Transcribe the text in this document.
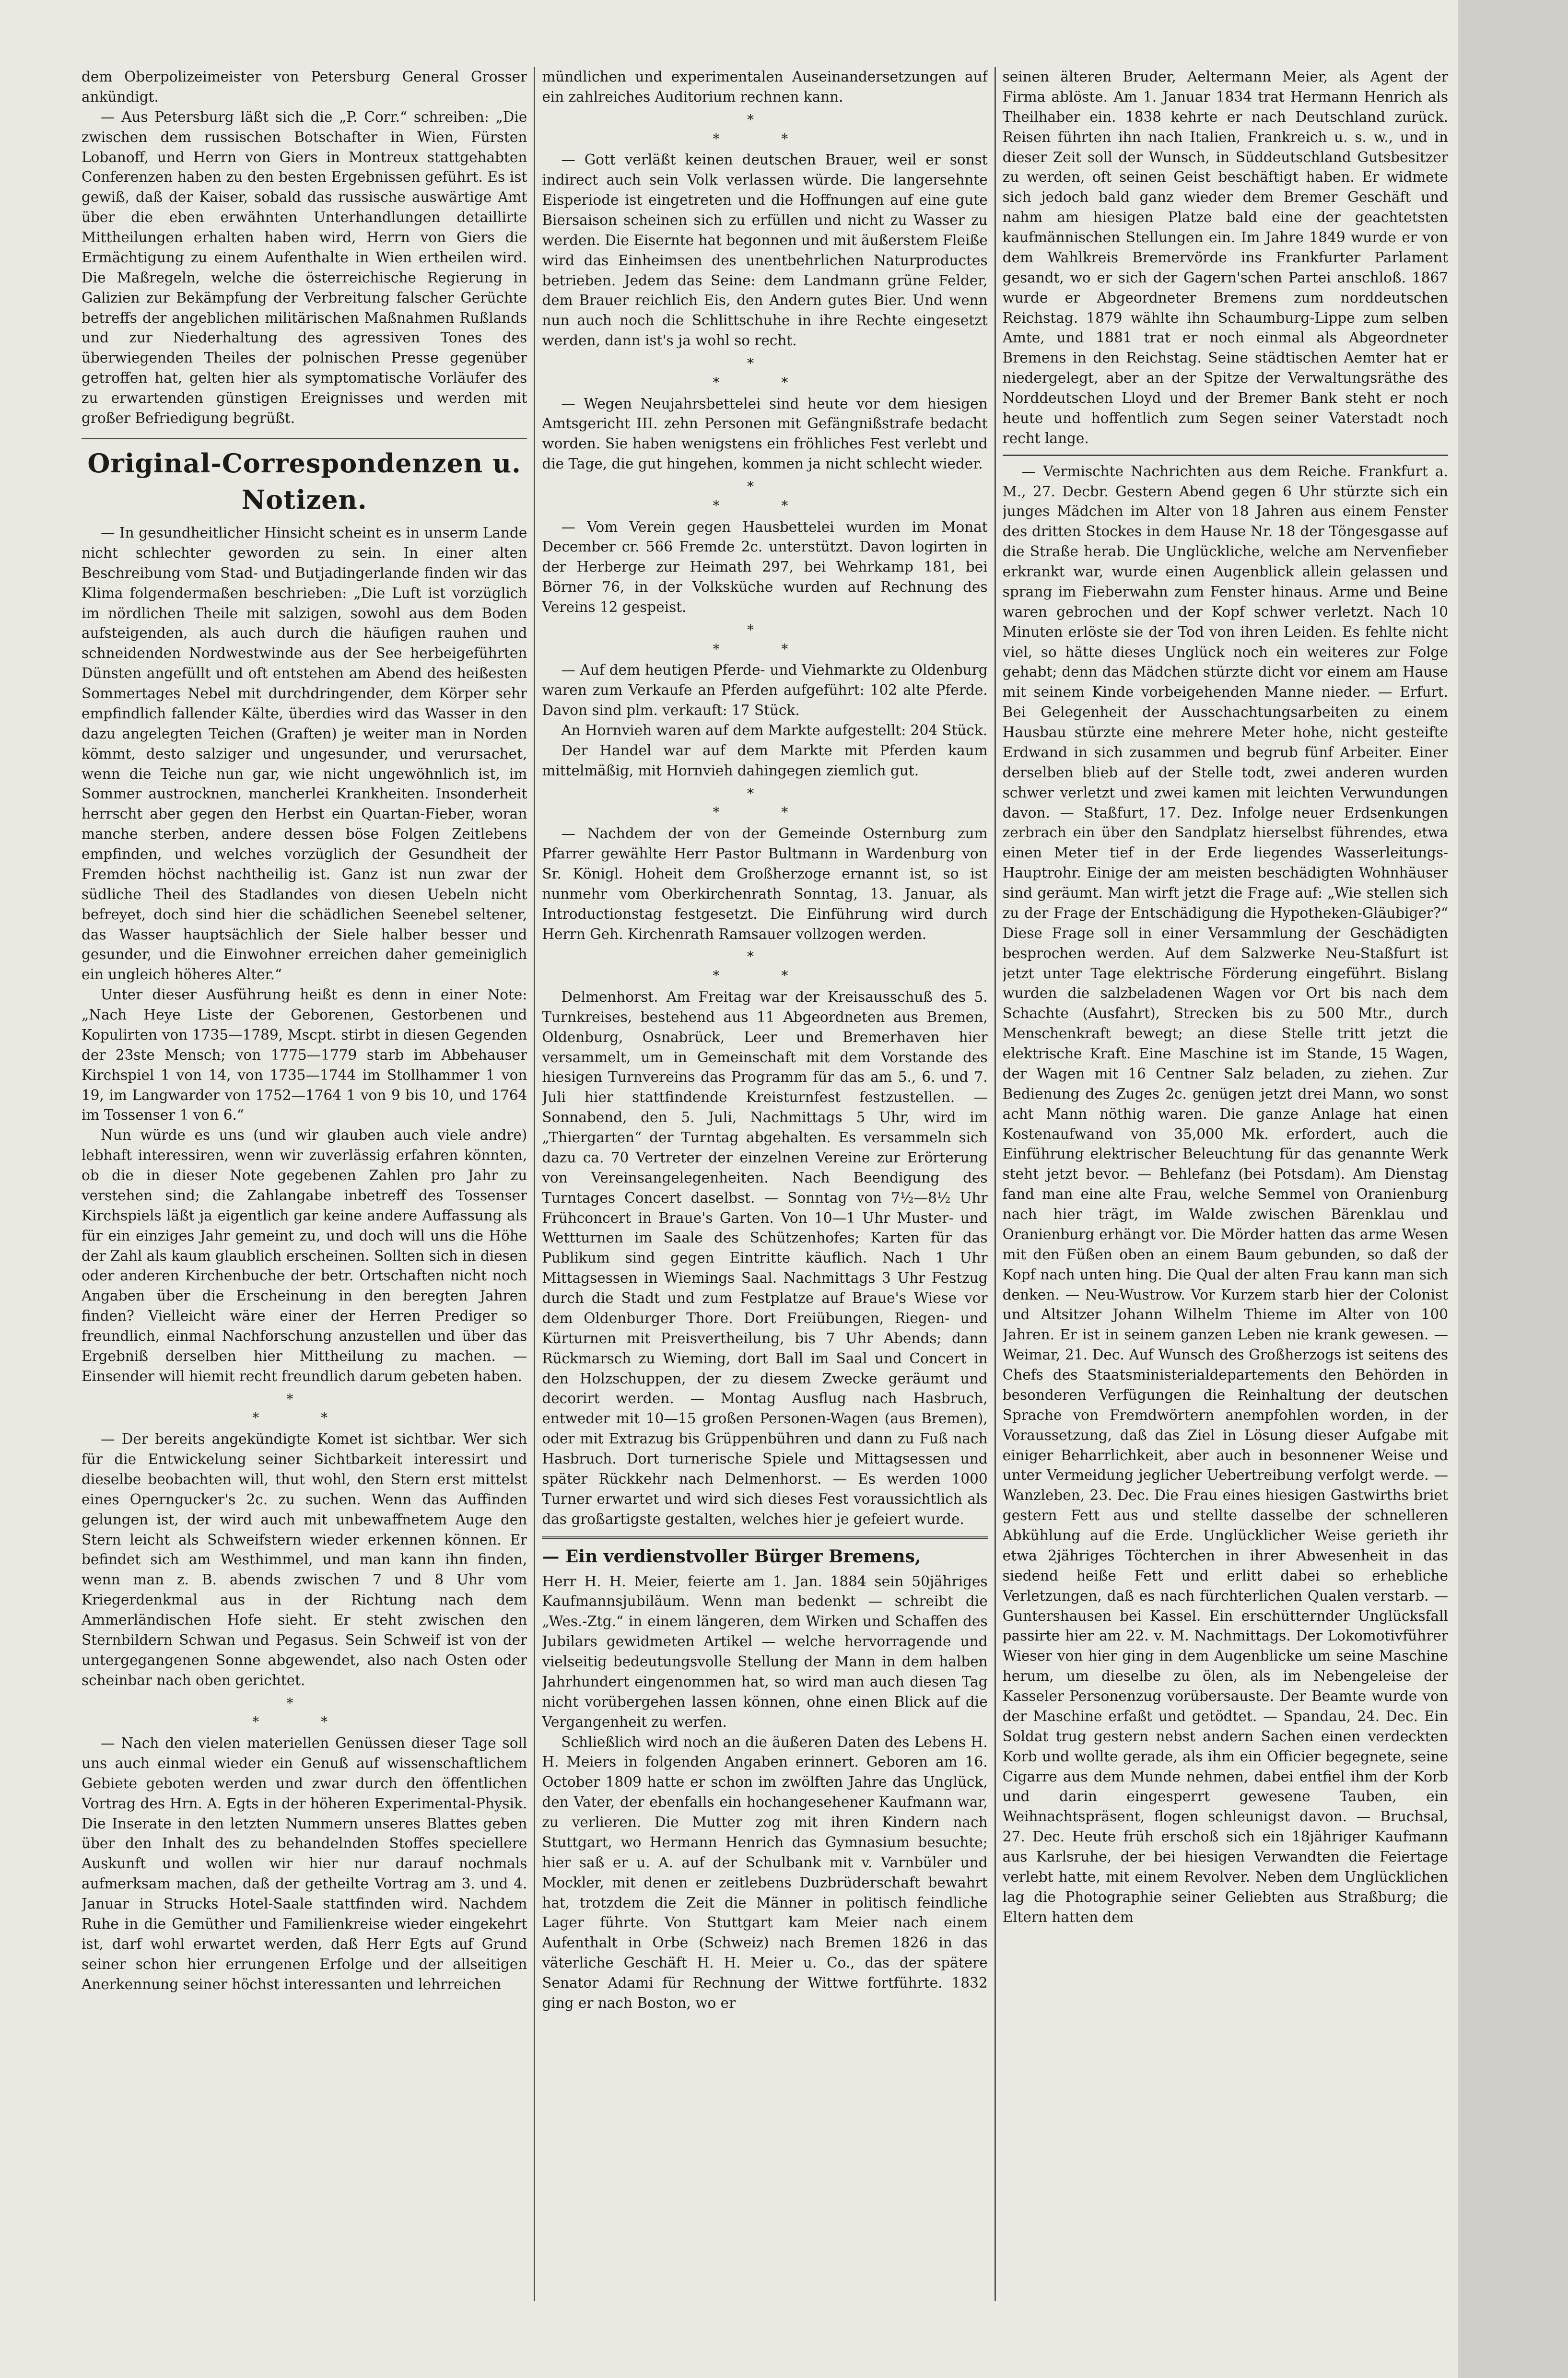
dem Oberpolizeimeister von Petersburg General Grosser ankündigt.

— Aus Petersburg läßt sich die „P. Corr.“ schreiben: „Die zwischen dem russischen Botschafter in Wien, Fürsten Lobanoff, und Herrn von Giers in Montreux stattgehabten Conferenzen haben zu den besten Ergebnissen geführt. Es ist gewiß, daß der Kaiser, sobald das russische auswärtige Amt über die eben erwähnten Unterhandlungen detaillirte Mittheilungen erhalten haben wird, Herrn von Giers die Ermächtigung zu einem Aufenthalte in Wien ertheilen wird. Die Maßregeln, welche die österreichische Regierung in Galizien zur Bekämpfung der Verbreitung falscher Gerüchte betreffs der angeblichen militärischen Maßnahmen Rußlands und zur Niederhaltung des agressiven Tones des überwiegenden Theiles der polnischen Presse gegenüber getroffen hat, gelten hier als symptomatische Vorläufer des zu erwartenden günstigen Ereignisses und werden mit großer Befriedigung begrüßt.

Original-Correspondenzen u. Notizen.

— In gesundheitlicher Hinsicht scheint es in unserm Lande nicht schlechter geworden zu sein. In einer alten Beschreibung vom Stad- und Butjadingerlande finden wir das Klima folgendermaßen beschrieben: „Die Luft ist vorzüglich im nördlichen Theile mit salzigen, sowohl aus dem Boden aufsteigenden, als auch durch die häufigen rauhen und schneidenden Nordwestwinde aus der See herbeigeführten Dünsten angefüllt und oft entstehen am Abend des heißesten Sommertages Nebel mit durchdringender, dem Körper sehr empfindlich fallender Kälte, überdies wird das Wasser in den dazu angelegten Teichen (Graften) je weiter man in Norden kömmt, desto salziger und ungesunder, und verursachet, wenn die Teiche nun gar, wie nicht ungewöhnlich ist, im Sommer austrocknen, mancherlei Krankheiten. Insonderheit herrscht aber gegen den Herbst ein Quartan-Fieber, woran manche sterben, andere dessen böse Folgen Zeitlebens empfinden, und welches vorzüglich der Gesundheit der Fremden höchst nachtheilig ist. Ganz ist nun zwar der südliche Theil des Stadlandes von diesen Uebeln nicht befreyet, doch sind hier die schädlichen Seenebel seltener, das Wasser hauptsächlich der Siele halber besser und gesunder, und die Einwohner erreichen daher gemeiniglich ein ungleich höheres Alter.“

Unter dieser Ausführung heißt es denn in einer Note: „Nach Heye Liste der Geborenen, Gestorbenen und Kopulirten von 1735—1789, Mscpt. stirbt in diesen Gegenden der 23ste Mensch; von 1775—1779 starb im Abbehauser Kirchspiel 1 von 14, von 1735—1744 im Stollhammer 1 von 19, im Langwarder von 1752—1764 1 von 9 bis 10, und 1764 im Tossenser 1 von 6.“

Nun würde es uns (und wir glauben auch viele andre) lebhaft interessiren, wenn wir zuverlässig erfahren könnten, ob die in dieser Note gegebenen Zahlen pro Jahr zu verstehen sind; die Zahlangabe inbetreff des Tossenser Kirchspiels läßt ja eigentlich gar keine andere Auffassung als für ein einziges Jahr gemeint zu, und doch will uns die Höhe der Zahl als kaum glaublich erscheinen. Sollten sich in diesen oder anderen Kirchenbuche der betr. Ortschaften nicht noch Angaben über die Erscheinung in den beregten Jahren finden? Vielleicht wäre einer der Herren Prediger so freundlich, einmal Nachforschung anzustellen und über das Ergebniß derselben hier Mittheilung zu machen. — Einsender will hiemit recht freundlich darum gebeten haben.

*
* *

— Der bereits angekündigte Komet ist sichtbar. Wer sich für die Entwickelung seiner Sichtbarkeit interessirt und dieselbe beobachten will, thut wohl, den Stern erst mittelst eines Operngucker's 2c. zu suchen. Wenn das Auffinden gelungen ist, der wird auch mit unbewaffnetem Auge den Stern leicht als Schweifstern wieder erkennen können. Er befindet sich am Westhimmel, und man kann ihn finden, wenn man z. B. abends zwischen 7 und 8 Uhr vom Kriegerdenkmal aus in der Richtung nach dem Ammerländischen Hofe sieht. Er steht zwischen den Sternbildern Schwan und Pegasus. Sein Schweif ist von der untergegangenen Sonne abgewendet, also nach Osten oder scheinbar nach oben gerichtet.

*
* *

— Nach den vielen materiellen Genüssen dieser Tage soll uns auch einmal wieder ein Genuß auf wissenschaftlichem Gebiete geboten werden und zwar durch den öffentlichen Vortrag des Hrn. A. Egts in der höheren Experimental-Physik. Die Inserate in den letzten Nummern unseres Blattes geben über den Inhalt des zu behandelnden Stoffes speciellere Auskunft und wollen wir hier nur darauf nochmals aufmerksam machen, daß der getheilte Vortrag am 3. und 4. Januar in Strucks Hotel-Saale stattfinden wird. Nachdem Ruhe in die Gemüther und Familienkreise wieder eingekehrt ist, darf wohl erwartet werden, daß Herr Egts auf Grund seiner schon hier errungenen Erfolge und der allseitigen Anerkennung seiner höchst interessanten und lehrreichen

mündlichen und experimentalen Auseinandersetzungen auf ein zahlreiches Auditorium rechnen kann.

*
* *

— Gott verläßt keinen deutschen Brauer, weil er sonst indirect auch sein Volk verlassen würde. Die langersehnte Eisperiode ist eingetreten und die Hoffnungen auf eine gute Biersaison scheinen sich zu erfüllen und nicht zu Wasser zu werden. Die Eisernte hat begonnen und mit äußerstem Fleiße wird das Einheimsen des unentbehrlichen Naturproductes betrieben. Jedem das Seine: dem Landmann grüne Felder, dem Brauer reichlich Eis, den Andern gutes Bier. Und wenn nun auch noch die Schlittschuhe in ihre Rechte eingesetzt werden, dann ist's ja wohl so recht.

*
* *

— Wegen Neujahrsbettelei sind heute vor dem hiesigen Amtsgericht III. zehn Personen mit Gefängnißstrafe bedacht worden. Sie haben wenigstens ein fröhliches Fest verlebt und die Tage, die gut hingehen, kommen ja nicht schlecht wieder.

*
* *

— Vom Verein gegen Hausbettelei wurden im Monat December cr. 566 Fremde 2c. unterstützt. Davon logirten in der Herberge zur Heimath 297, bei Wehrkamp 181, bei Börner 76, in der Volksküche wurden auf Rechnung des Vereins 12 gespeist.

*
* *

— Auf dem heutigen Pferde- und Viehmarkte zu Oldenburg waren zum Verkaufe an Pferden aufgeführt: 102 alte Pferde. Davon sind plm. verkauft: 17 Stück.

An Hornvieh waren auf dem Markte aufgestellt: 204 Stück.

Der Handel war auf dem Markte mit Pferden kaum mittelmäßig, mit Hornvieh dahingegen ziemlich gut.

*
* *

— Nachdem der von der Gemeinde Osternburg zum Pfarrer gewählte Herr Pastor Bultmann in Wardenburg von Sr. Königl. Hoheit dem Großherzoge ernannt ist, so ist nunmehr vom Oberkirchenrath Sonntag, 13. Januar, als Introductionstag festgesetzt. Die Einführung wird durch Herrn Geh. Kirchenrath Ramsauer vollzogen werden.

*
* *

Delmenhorst. Am Freitag war der Kreisausschuß des 5. Turnkreises, bestehend aus 11 Abgeordneten aus Bremen, Oldenburg, Osnabrück, Leer und Bremerhaven hier versammelt, um in Gemeinschaft mit dem Vorstande des hiesigen Turnvereins das Programm für das am 5., 6. und 7. Juli hier stattfindende Kreisturnfest festzustellen. — Sonnabend, den 5. Juli, Nachmittags 5 Uhr, wird im „Thiergarten“ der Turntag abgehalten. Es versammeln sich dazu ca. 70 Vertreter der einzelnen Vereine zur Erörterung von Vereinsangelegenheiten. Nach Beendigung des Turntages Concert daselbst. — Sonntag von 7½—8½ Uhr Frühconcert in Braue's Garten. Von 10—1 Uhr Muster- und Wettturnen im Saale des Schützenhofes; Karten für das Publikum sind gegen Eintritte käuflich. Nach 1 Uhr Mittagsessen in Wiemings Saal. Nachmittags 3 Uhr Festzug durch die Stadt und zum Festplatze auf Braue's Wiese vor dem Oldenburger Thore. Dort Freiübungen, Riegen- und Kürturnen mit Preisvertheilung, bis 7 Uhr Abends; dann Rückmarsch zu Wieming, dort Ball im Saal und Concert in den Holzschuppen, der zu diesem Zwecke geräumt und decorirt werden. — Montag Ausflug nach Hasbruch, entweder mit 10—15 großen Personen-Wagen (aus Bremen), oder mit Extrazug bis Grüppenbühren und dann zu Fuß nach Hasbruch. Dort turnerische Spiele und Mittagsessen und später Rückkehr nach Delmenhorst. — Es werden 1000 Turner erwartet und wird sich dieses Fest voraussichtlich als das großartigste gestalten, welches hier je gefeiert wurde.

— Ein verdienstvoller Bürger Bremens,

Herr H. H. Meier, feierte am 1. Jan. 1884 sein 50jähriges Kaufmannsjubiläum. Wenn man bedenkt — schreibt die „Wes.-Ztg.“ in einem längeren, dem Wirken und Schaffen des Jubilars gewidmeten Artikel — welche hervorragende und vielseitig bedeutungsvolle Stellung der Mann in dem halben Jahrhundert eingenommen hat, so wird man auch diesen Tag nicht vorübergehen lassen können, ohne einen Blick auf die Vergangenheit zu werfen.

Schließlich wird noch an die äußeren Daten des Lebens H. H. Meiers in folgenden Angaben erinnert. Geboren am 16. October 1809 hatte er schon im zwölften Jahre das Unglück, den Vater, der ebenfalls ein hochangesehener Kaufmann war, zu verlieren. Die Mutter zog mit ihren Kindern nach Stuttgart, wo Hermann Henrich das Gymnasium besuchte; hier saß er u. A. auf der Schulbank mit v. Varnbüler und Mockler, mit denen er zeitlebens Duzbrüderschaft bewahrt hat, trotzdem die Zeit die Männer in politisch feindliche Lager führte. Von Stuttgart kam Meier nach einem Aufenthalt in Orbe (Schweiz) nach Bremen 1826 in das väterliche Geschäft H. H. Meier u. Co., das der spätere Senator Adami für Rechnung der Wittwe fortführte. 1832 ging er nach Boston, wo er

seinen älteren Bruder, Aeltermann Meier, als Agent der Firma ablöste. Am 1. Januar 1834 trat Hermann Henrich als Theilhaber ein. 1838 kehrte er nach Deutschland zurück. Reisen führten ihn nach Italien, Frankreich u. s. w., und in dieser Zeit soll der Wunsch, in Süddeutschland Gutsbesitzer zu werden, oft seinen Geist beschäftigt haben. Er widmete sich jedoch bald ganz wieder dem Bremer Geschäft und nahm am hiesigen Platze bald eine der geachtetsten kaufmännischen Stellungen ein. Im Jahre 1849 wurde er von dem Wahlkreis Bremervörde ins Frankfurter Parlament gesandt, wo er sich der Gagern'schen Partei anschloß. 1867 wurde er Abgeordneter Bremens zum norddeutschen Reichstag. 1879 wählte ihn Schaumburg-Lippe zum selben Amte, und 1881 trat er noch einmal als Abgeordneter Bremens in den Reichstag. Seine städtischen Aemter hat er niedergelegt, aber an der Spitze der Verwaltungsräthe des Norddeutschen Lloyd und der Bremer Bank steht er noch heute und hoffentlich zum Segen seiner Vaterstadt noch recht lange.

— Vermischte Nachrichten aus dem Reiche. Frankfurt a. M., 27. Decbr. Gestern Abend gegen 6 Uhr stürzte sich ein junges Mädchen im Alter von 18 Jahren aus einem Fenster des dritten Stockes in dem Hause Nr. 18 der Töngesgasse auf die Straße herab. Die Unglückliche, welche am Nervenfieber erkrankt war, wurde einen Augenblick allein gelassen und sprang im Fieberwahn zum Fenster hinaus. Arme und Beine waren gebrochen und der Kopf schwer verletzt. Nach 10 Minuten erlöste sie der Tod von ihren Leiden. Es fehlte nicht viel, so hätte dieses Unglück noch ein weiteres zur Folge gehabt; denn das Mädchen stürzte dicht vor einem am Hause mit seinem Kinde vorbeigehenden Manne nieder. — Erfurt. Bei Gelegenheit der Ausschachtungsarbeiten zu einem Hausbau stürzte eine mehrere Meter hohe, nicht gesteifte Erdwand in sich zusammen und begrub fünf Arbeiter. Einer derselben blieb auf der Stelle todt, zwei anderen wurden schwer verletzt und zwei kamen mit leichten Verwundungen davon. — Staßfurt, 17. Dez. Infolge neuer Erdsenkungen zerbrach ein über den Sandplatz hierselbst führendes, etwa einen Meter tief in der Erde liegendes Wasserleitungs-Hauptrohr. Einige der am meisten beschädigten Wohnhäuser sind geräumt. Man wirft jetzt die Frage auf: „Wie stellen sich zu der Frage der Entschädigung die Hypotheken-Gläubiger?“ Diese Frage soll in einer Versammlung der Geschädigten besprochen werden. Auf dem Salzwerke Neu-Staßfurt ist jetzt unter Tage elektrische Förderung eingeführt. Bislang wurden die salzbeladenen Wagen vor Ort bis nach dem Schachte (Ausfahrt), Strecken bis zu 500 Mtr., durch Menschenkraft bewegt; an diese Stelle tritt jetzt die elektrische Kraft. Eine Maschine ist im Stande, 15 Wagen, der Wagen mit 16 Centner Salz beladen, zu ziehen. Zur Bedienung des Zuges 2c. genügen jetzt drei Mann, wo sonst acht Mann nöthig waren. Die ganze Anlage hat einen Kostenaufwand von 35,000 Mk. erfordert, auch die Einführung elektrischer Beleuchtung für das genannte Werk steht jetzt bevor. — Behlefanz (bei Potsdam). Am Dienstag fand man eine alte Frau, welche Semmel von Oranienburg nach hier trägt, im Walde zwischen Bärenklau und Oranienburg erhängt vor. Die Mörder hatten das arme Wesen mit den Füßen oben an einem Baum gebunden, so daß der Kopf nach unten hing. Die Qual der alten Frau kann man sich denken. — Neu-Wustrow. Vor Kurzem starb hier der Colonist und Altsitzer Johann Wilhelm Thieme im Alter von 100 Jahren. Er ist in seinem ganzen Leben nie krank gewesen. — Weimar, 21. Dec. Auf Wunsch des Großherzogs ist seitens des Chefs des Staatsministerialdepartements den Behörden in besonderen Verfügungen die Reinhaltung der deutschen Sprache von Fremdwörtern anempfohlen worden, in der Voraussetzung, daß das Ziel in Lösung dieser Aufgabe mit einiger Beharrlichkeit, aber auch in besonnener Weise und unter Vermeidung jeglicher Uebertreibung verfolgt werde. — Wanzleben, 23. Dec. Die Frau eines hiesigen Gastwirths briet gestern Fett aus und stellte dasselbe der schnelleren Abkühlung auf die Erde. Unglücklicher Weise gerieth ihr etwa 2jähriges Töchterchen in ihrer Abwesenheit in das siedend heiße Fett und erlitt dabei so erhebliche Verletzungen, daß es nach fürchterlichen Qualen verstarb. — Guntershausen bei Kassel. Ein erschütternder Unglücksfall passirte hier am 22. v. M. Nachmittags. Der Lokomotivführer Wieser von hier ging in dem Augenblicke um seine Maschine herum, um dieselbe zu ölen, als im Nebengeleise der Kasseler Personenzug vorübersauste. Der Beamte wurde von der Maschine erfaßt und getödtet. — Spandau, 24. Dec. Ein Soldat trug gestern nebst andern Sachen einen verdeckten Korb und wollte gerade, als ihm ein Officier begegnete, seine Cigarre aus dem Munde nehmen, dabei entfiel ihm der Korb und darin eingesperrt gewesene Tauben, ein Weihnachtspräsent, flogen schleunigst davon. — Bruchsal, 27. Dec. Heute früh erschoß sich ein 18jähriger Kaufmann aus Karlsruhe, der bei hiesigen Verwandten die Feiertage verlebt hatte, mit einem Revolver. Neben dem Unglücklichen lag die Photographie seiner Geliebten aus Straßburg; die Eltern hatten dem
